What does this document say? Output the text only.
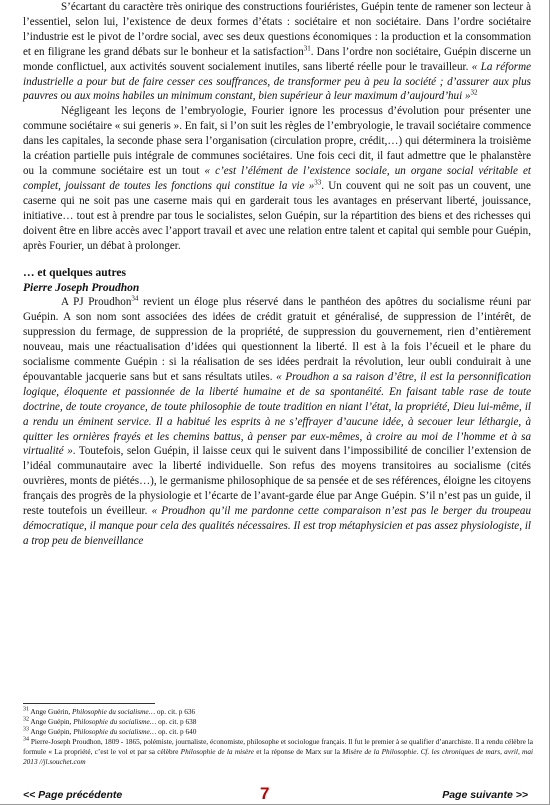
S’écartant du caractère très onirique des constructions fouriéristes, Guépin tente de ramener son lecteur à l’essentiel, selon lui, l’existence de deux formes d’états : sociétaire et non sociétaire. Dans l’ordre sociétaire l’industrie est le pivot de l’ordre social, avec ses deux questions économiques : la production et la consommation et en filigrane les grand débats sur le bonheur et la satisfaction$^{31}$. Dans l’ordre non sociétaire, Guépin discerne un monde conflictuel, aux activités souvent socialement inutiles, sans liberté réelle pour le travailleur. « La réforme industrielle a pour but de faire cesser ces souffrances, de transformer peu à peu la société ; d’assurer aux plus pauvres ou aux moins habiles un minimum constant, bien supérieur à leur maximum d’aujourd’hui »$^{32}$

Négligeant les leçons de l’embryologie, Fourier ignore les processus d’évolution pour présenter une commune sociétaire « sui generis ». En fait, si l’on suit les règles de l’embryologie, le travail sociétaire commence dans les capitales, la seconde phase sera l’organisation (circulation propre, crédit,…) qui déterminera la troisième la création partielle puis intégrale de communes sociétaires. Une fois ceci dit, il faut admettre que le phalanstère ou la commune sociétaire est un tout « c’est l’élément de l’existence sociale, un organe social véritable et complet, jouissant de toutes les fonctions qui constitue la vie »$^{33}$. Un couvent qui ne soit pas un couvent, une caserne qui ne soit pas une caserne mais qui en garderait tous les avantages en préservant liberté, jouissance, initiative… tout est à prendre par tous le socialistes, selon Guépin, sur la répartition des biens et des richesses qui doivent être en libre accès avec l’apport travail et avec une relation entre talent et capital qui semble pour Guépin, après Fourier, un débat à prolonger.

… et quelques autres

Pierre Joseph Proudhon

A PJ Proudhon$^{34}$ revient un éloge plus réservé dans le panthéon des apôtres du socialisme réuni par Guépin. A son nom sont associées des idées de crédit gratuit et généralisé, de suppression de l’intérêt, de suppression du fermage, de suppression de la propriété, de suppression du gouvernement, rien d’entièrement nouveau, mais une réactualisation d’idées qui questionnent la liberté. Il est à la fois l’écueil et le phare du socialisme commente Guépin : si la réalisation de ses idées perdrait la révolution, leur oubli conduirait à une épouvantable jacquerie sans but et sans résultats utiles. « Proudhon a sa raison d’être, il est la personnification logique, éloquente et passionnée de la liberté humaine et de sa spontanéité. En faisant table rase de toute doctrine, de toute croyance, de toute philosophie de toute tradition en niant l’état, la propriété, Dieu lui-même, il a rendu un éminent service. Il a habitué les esprits à ne s’effrayer d’aucune idée, à secouer leur léthargie, à quitter les ornières frayés et les chemins battus, à penser par eux-mêmes, à croire au moi de l’homme et à sa virtualité ». Toutefois, selon Guépin, il laisse ceux qui le suivent dans l’impossibilité de concilier l’extension de l’idéal communautaire avec la liberté individuelle. Son refus des moyens transitoires au socialisme (cités ouvrières, monts de piétés…), le germanisme philosophique de sa pensée et de ses références, éloigne les citoyens français des progrès de la physiologie et l’écarte de l’avant-garde élue par Ange Guépin. S’il n’est pas un guide, il reste toutefois un éveilleur. « Proudhon qu’il me pardonne cette comparaison n’est pas le berger du troupeau démocratique, il manque pour cela des qualités nécessaires. Il est trop métaphysicien et pas assez physiologiste, il a trop peu de bienveillance

$^{31}$ Ange Guérin, Philosophie du socialisme… op. cit. p 636

$^{32}$ Ange Guépin, Philosophie du socialisme… op. cit. p 638

$^{33}$ Ange Guépin, Philosophie du socialisme… op. cit. p 640

$^{34}$ Pierre-Joseph Proudhon, 1809 - 1865, polémiste, journaliste, économiste, philosophe et sociologue français. Il fut le premier à se qualifier d’anarchiste. Il a rendu célèbre la formule « La propriété, c’est le vol et par sa célèbre Philosophie de la misère et la réponse de Marx sur la Misère de la Philosophie. Cf. les chroniques de mars, avril, mai 2013 //jl.souchet.com

<< Page précédente	7	Page suivante >>
